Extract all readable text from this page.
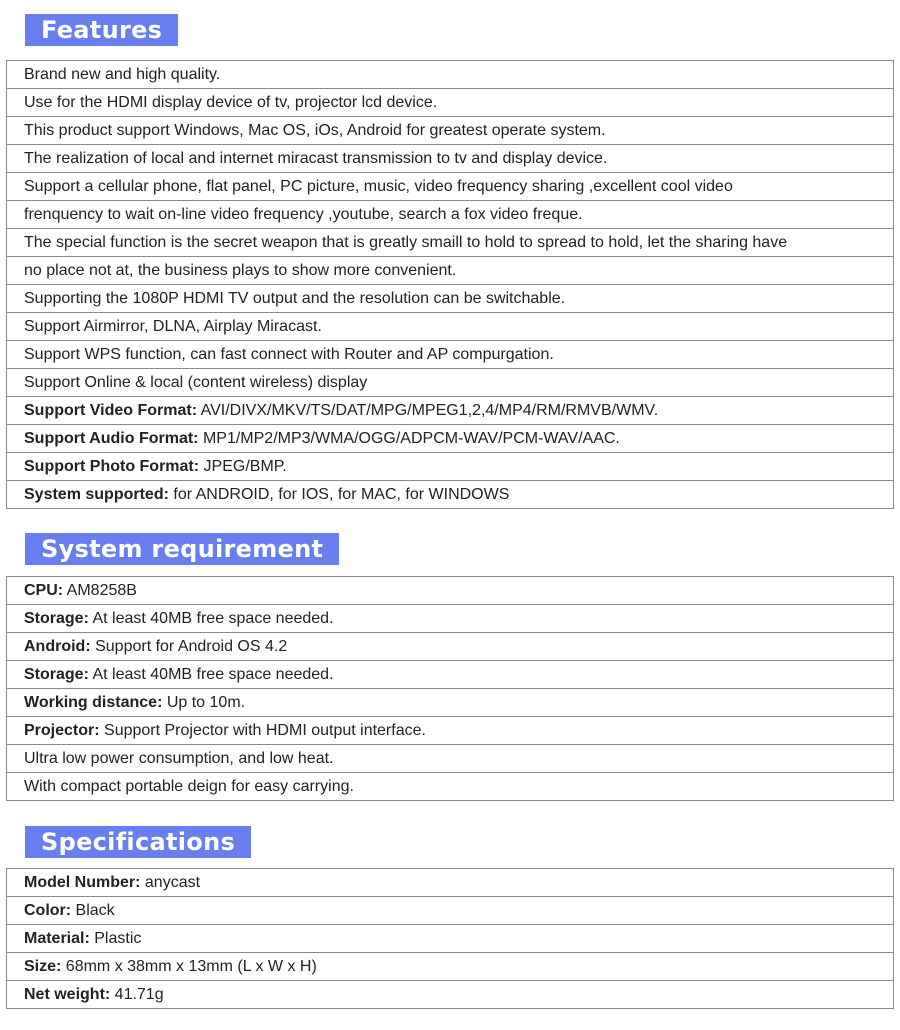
Features
Brand new and high quality.
Use for the HDMI display device of tv, projector lcd device.
This product support Windows, Mac OS, iOs, Android for greatest operate system.
The realization of local and internet miracast transmission to tv and display device.
Support a cellular phone, flat panel, PC picture, music, video frequency sharing ,excellent cool video
frenquency to wait on-line video frequency ,youtube, search a fox video freque.
The special function is the secret weapon that is greatly smaill to hold to spread to hold, let the sharing have
no place not at, the business plays to show more convenient.
Supporting the 1080P HDMI TV output and the resolution can be switchable.
Support Airmirror, DLNA, Airplay Miracast.
Support WPS function, can fast connect with Router and AP compurgation.
Support Online & local (content wireless) display
Support Video Format: AVI/DIVX/MKV/TS/DAT/MPG/MPEG1,2,4/MP4/RM/RMVB/WMV.
Support Audio Format: MP1/MP2/MP3/WMA/OGG/ADPCM-WAV/PCM-WAV/AAC.
Support Photo Format: JPEG/BMP.
System supported: for ANDROID, for IOS, for MAC, for WINDOWS
System requirement
CPU: AM8258B
Storage: At least 40MB free space needed.
Android: Support for Android OS 4.2
Storage: At least 40MB free space needed.
Working distance: Up to 10m.
Projector: Support Projector with HDMI output interface.
Ultra low power consumption, and low heat.
With compact portable deign for easy carrying.
Specifications
Model Number: anycast
Color: Black
Material: Plastic
Size: 68mm x 38mm x 13mm (L x W x H)
Net weight: 41.71g
